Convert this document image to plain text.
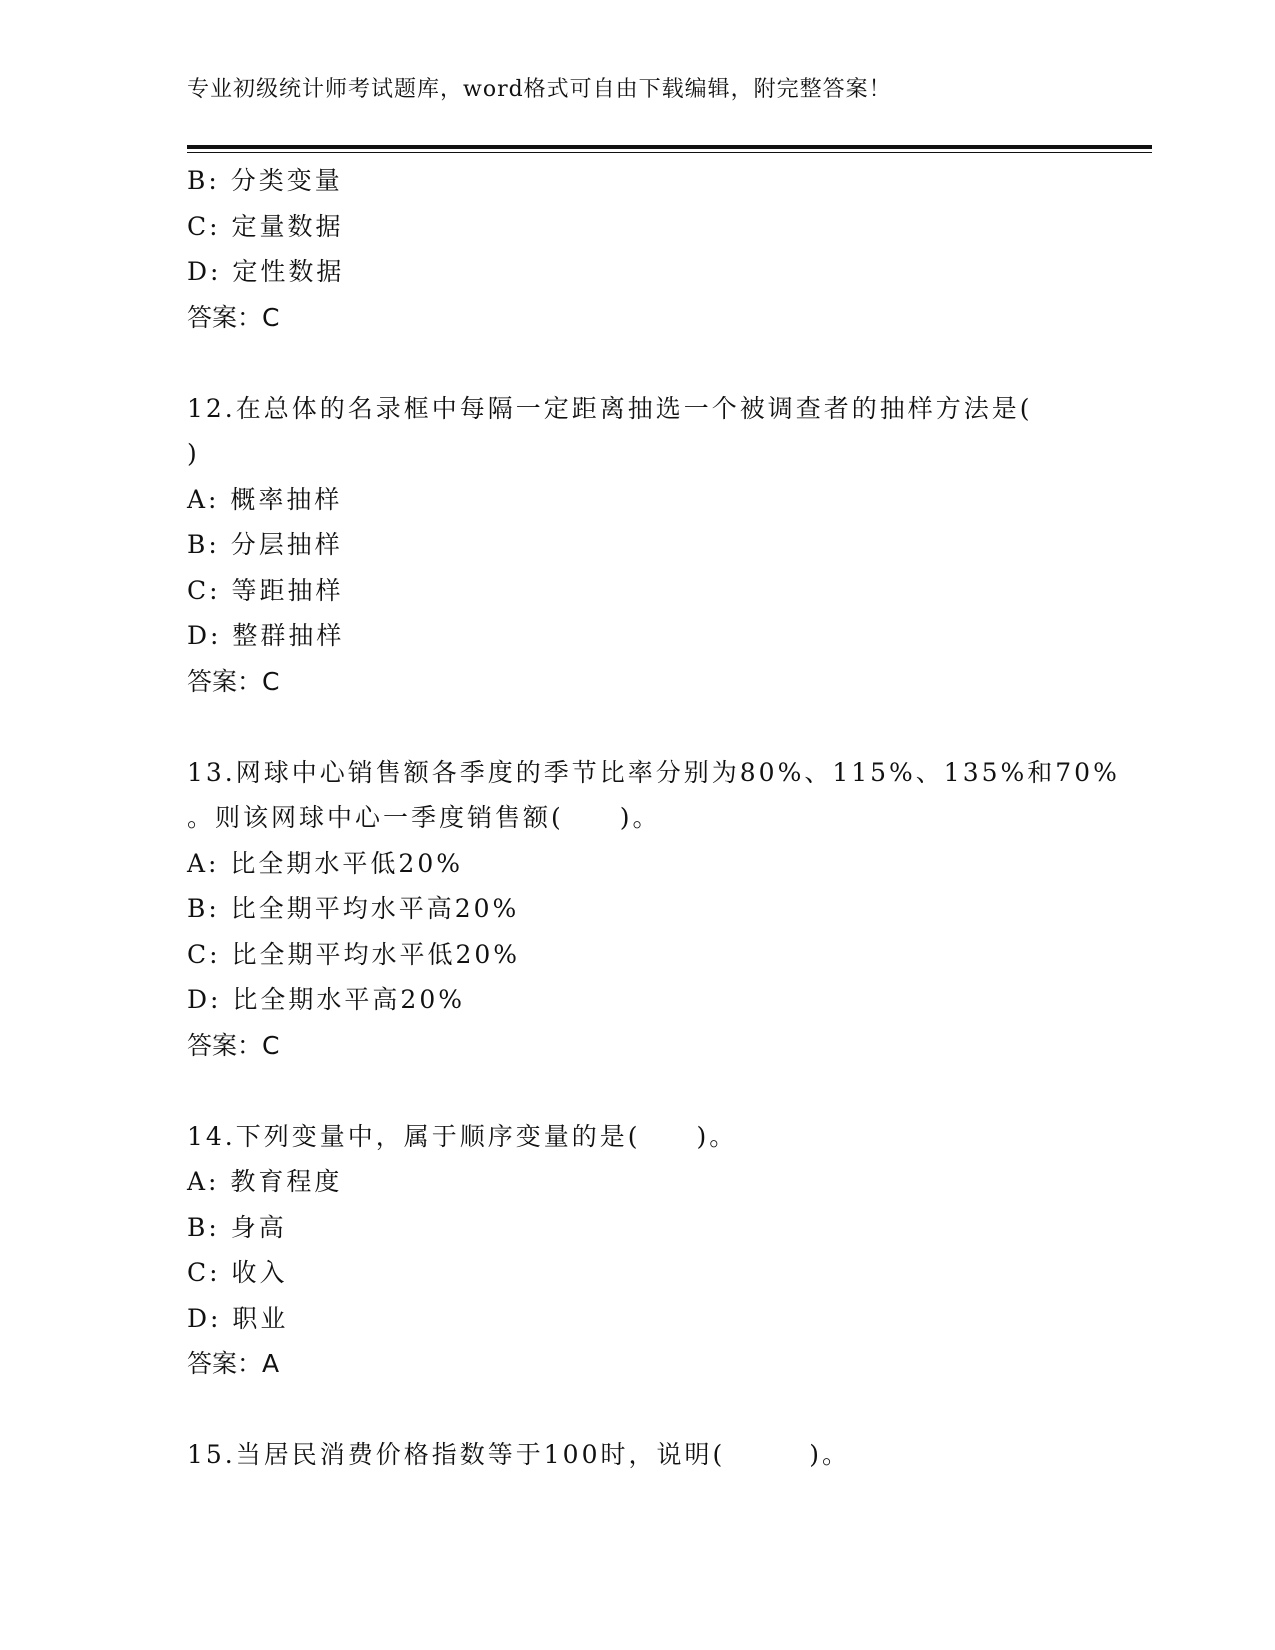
专业初级统计师考试题库，word格式可自由下载编辑，附完整答案！
B: 分类变量
C: 定量数据
D: 定性数据
答案：C
12.在总体的名录框中每隔一定距离抽选一个被调查者的抽样方法是(
)
A: 概率抽样
B: 分层抽样
C: 等距抽样
D: 整群抽样
答案：C
13.网球中心销售额各季度的季节比率分别为80%、115%、135%和70%
。则该网球中心一季度销售额(　　)。
A: 比全期水平低20%
B: 比全期平均水平高20%
C: 比全期平均水平低20%
D: 比全期水平高20%
答案：C
14.下列变量中，属于顺序变量的是(　　)。
A: 教育程度
B: 身高
C: 收入
D: 职业
答案：A
15.当居民消费价格指数等于100时，说明(　　　)。
